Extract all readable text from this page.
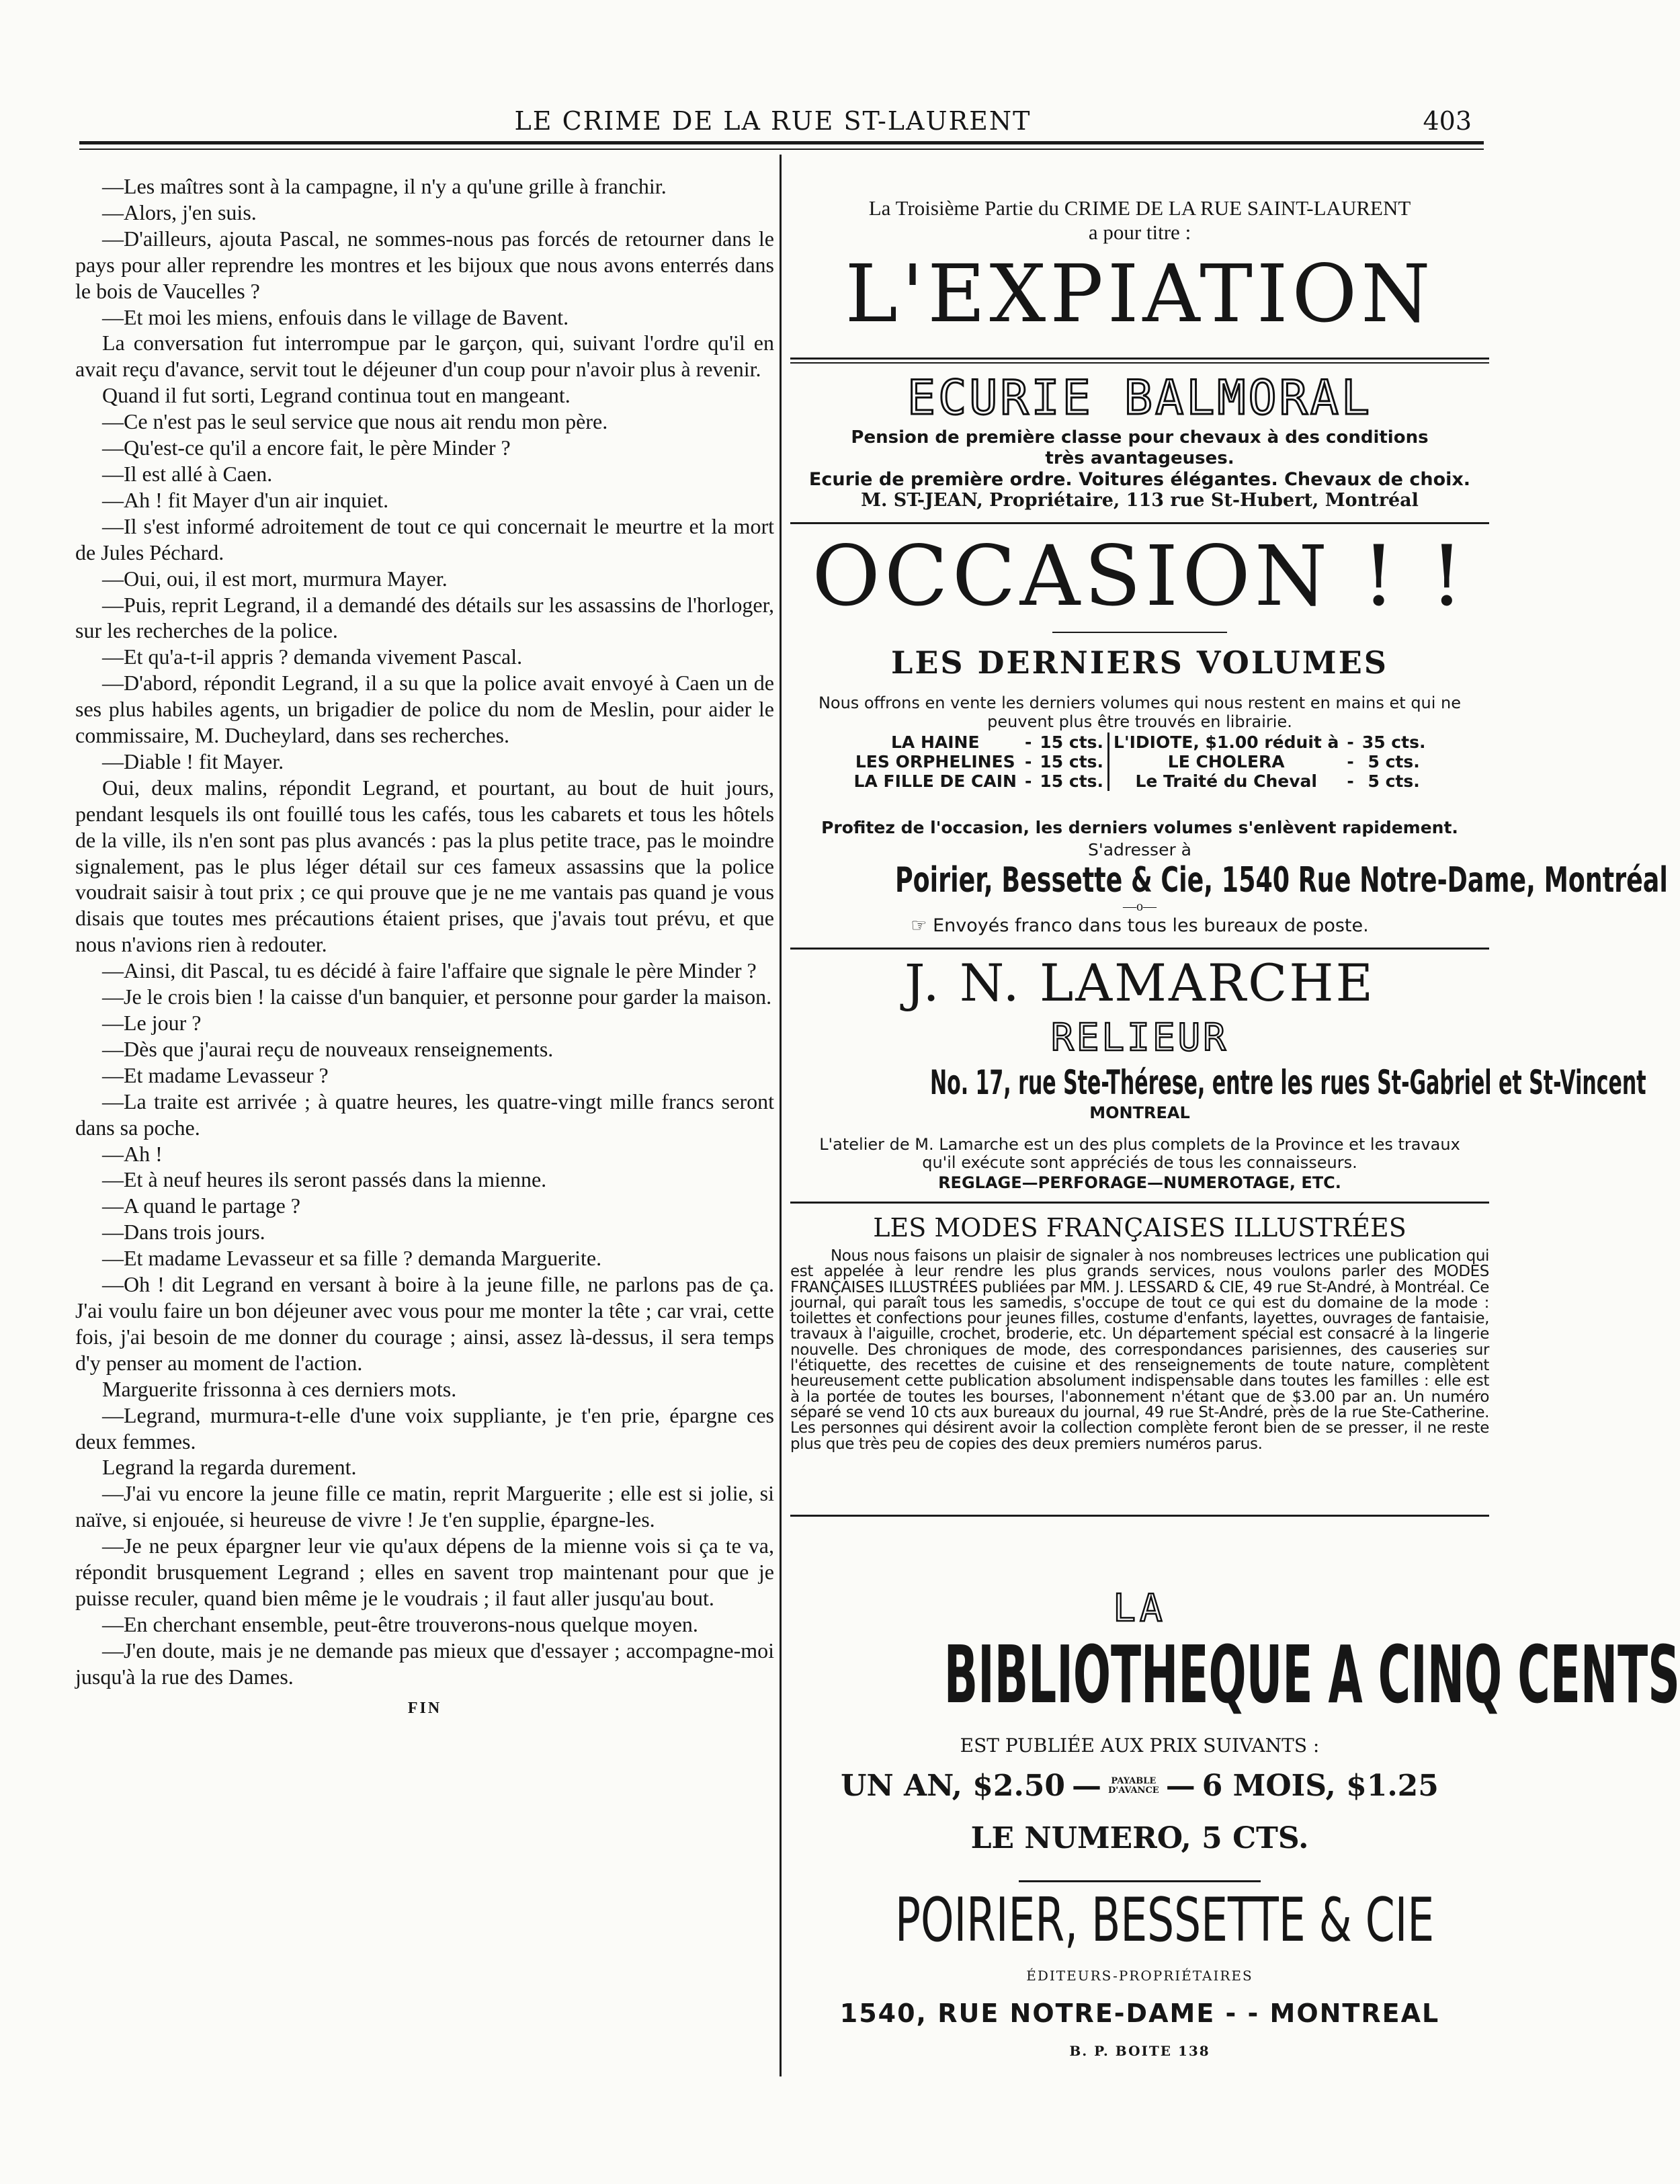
LE CRIME DE LA RUE ST-LAURENT	403

—Les maîtres sont à la campagne, il n'y a qu'une grille à franchir.

—Alors, j'en suis.

—D'ailleurs, ajouta Pascal, ne sommes-nous pas forcés de retourner dans le pays pour aller reprendre les montres et les bijoux que nous avons enterrés dans le bois de Vaucelles ?

—Et moi les miens, enfouis dans le village de Bavent.

La conversation fut interrompue par le garçon, qui, suivant l'ordre qu'il en avait reçu d'avance, servit tout le déjeuner d'un coup pour n'avoir plus à revenir.

Quand il fut sorti, Legrand continua tout en mangeant.

—Ce n'est pas le seul service que nous ait rendu mon père.

—Qu'est-ce qu'il a encore fait, le père Minder ?

—Il est allé à Caen.

—Ah ! fit Mayer d'un air inquiet.

—Il s'est informé adroitement de tout ce qui concernait le meurtre et la mort de Jules Péchard.

—Oui, oui, il est mort, murmura Mayer.

—Puis, reprit Legrand, il a demandé des détails sur les assassins de l'horloger, sur les recherches de la police.

—Et qu'a-t-il appris ? demanda vivement Pascal.

—D'abord, répondit Legrand, il a su que la police avait envoyé à Caen un de ses plus habiles agents, un brigadier de police du nom de Meslin, pour aider le commissaire, M. Ducheylard, dans ses recherches.

—Diable ! fit Mayer.

Oui, deux malins, répondit Legrand, et pourtant, au bout de huit jours, pendant lesquels ils ont fouillé tous les cafés, tous les cabarets et tous les hôtels de la ville, ils n'en sont pas plus avancés : pas la plus petite trace, pas le moindre signalement, pas le plus léger détail sur ces fameux assassins que la police voudrait saisir à tout prix ; ce qui prouve que je ne me vantais pas quand je vous disais que toutes mes précautions étaient prises, que j'avais tout prévu, et que nous n'avions rien à redouter.

—Ainsi, dit Pascal, tu es décidé à faire l'affaire que signale le père Minder ?

—Je le crois bien ! la caisse d'un banquier, et personne pour garder la maison.

—Le jour ?

—Dès que j'aurai reçu de nouveaux renseignements.

—Et madame Levasseur ?

—La traite est arrivée ; à quatre heures, les quatre-vingt mille francs seront dans sa poche.

—Ah !

—Et à neuf heures ils seront passés dans la mienne.

—A quand le partage ?

—Dans trois jours.

—Et madame Levasseur et sa fille ? demanda Marguerite.

—Oh ! dit Legrand en versant à boire à la jeune fille, ne parlons pas de ça. J'ai voulu faire un bon déjeuner avec vous pour me monter la tête ; car vrai, cette fois, j'ai besoin de me donner du courage ; ainsi, assez là-dessus, il sera temps d'y penser au moment de l'action.

Marguerite frissonna à ces derniers mots.

—Legrand, murmura-t-elle d'une voix suppliante, je t'en prie, épargne ces deux femmes.

Legrand la regarda durement.

—J'ai vu encore la jeune fille ce matin, reprit Marguerite ; elle est si jolie, si naïve, si enjouée, si heureuse de vivre ! Je t'en supplie, épargne-les.

—Je ne peux épargner leur vie qu'aux dépens de la mienne vois si ça te va, répondit brusquement Legrand ; elles en savent trop maintenant pour que je puisse reculer, quand bien même je le voudrais ; il faut aller jusqu'au bout.

—En cherchant ensemble, peut-être trouverons-nous quelque moyen.

—J'en doute, mais je ne demande pas mieux que d'essayer ; accompagne-moi jusqu'à la rue des Dames.

FIN
La Troisième Partie du CRIME DE LA RUE SAINT-LAURENT
a pour titre :
L'EXPIATION
ECURIE BALMORAL
Pension de première classe pour chevaux à des conditions
très avantageuses.
Ecurie de première ordre. Voitures élégantes. Chevaux de choix.
M. ST-JEAN, Propriétaire, 113 rue St-Hubert, Montréal
OCCASION ! !
LES DERNIERS VOLUMES
Nous offrons en vente les derniers volumes qui nous restent en mains et qui ne peuvent plus être trouvés en librairie.
LA HAINE	-	15 cts.	L'IDIOTE, $1.00 réduit à	-	35 cts.
LES ORPHELINES	-	15 cts.	LE CHOLERA	-	5 cts.
LA FILLE DE CAIN	-	15 cts.	Le Traité du Cheval	-	5 cts.
Profitez de l'occasion, les derniers volumes s'enlèvent rapidement.
S'adresser à
Poirier, Bessette & Cie, 1540 Rue Notre-Dame, Montréal
—o—
☞ Envoyés franco dans tous les bureaux de poste.
J. N. LAMARCHE
RELIEUR
No. 17, rue Ste-Thérese, entre les rues St-Gabriel et St-Vincent
MONTREAL
L'atelier de M. Lamarche est un des plus complets de la Province et les travaux qu'il exécute sont appréciés de tous les connaisseurs.
REGLAGE—PERFORAGE—NUMEROTAGE, ETC.
LES MODES FRANÇAISES ILLUSTRÉES
Nous nous faisons un plaisir de signaler à nos nombreuses lectrices une publication qui est appelée à leur rendre les plus grands services, nous voulons parler des MODES FRANÇAISES ILLUSTRÉES publiées par MM. J. LESSARD & CIE, 49 rue St-André, à Montréal. Ce journal, qui paraît tous les samedis, s'occupe de tout ce qui est du domaine de la mode : toilettes et confections pour jeunes filles, costume d'enfants, layettes, ouvrages de fantaisie, travaux à l'aiguille, crochet, broderie, etc. Un département spécial est consacré à la lingerie nouvelle. Des chroniques de mode, des correspondances parisiennes, des causeries sur l'étiquette, des recettes de cuisine et des renseignements de toute nature, complètent heureusement cette publication absolument indispensable dans toutes les familles : elle est à la portée de toutes les bourses, l'abonnement n'étant que de $3.00 par an. Un numéro séparé se vend 10 cts aux bureaux du journal, 49 rue St-André, près de la rue Ste-Catherine. Les personnes qui désirent avoir la collection complète feront bien de se presser, il ne reste plus que très peu de copies des deux premiers numéros parus.
LA
BIBLIOTHEQUE A CINQ CENTS
EST PUBLIÉE AUX PRIX SUIVANTS :
UN AN, $2.50 —	PAYABLE
D'AVANCE — 6 MOIS, $1.25
LE NUMERO, 5 CTS.
POIRIER, BESSETTE & CIE
ÉDITEURS-PROPRIÉTAIRES
1540, RUE NOTRE-DAME - - MONTREAL
B. P. BOITE 138
